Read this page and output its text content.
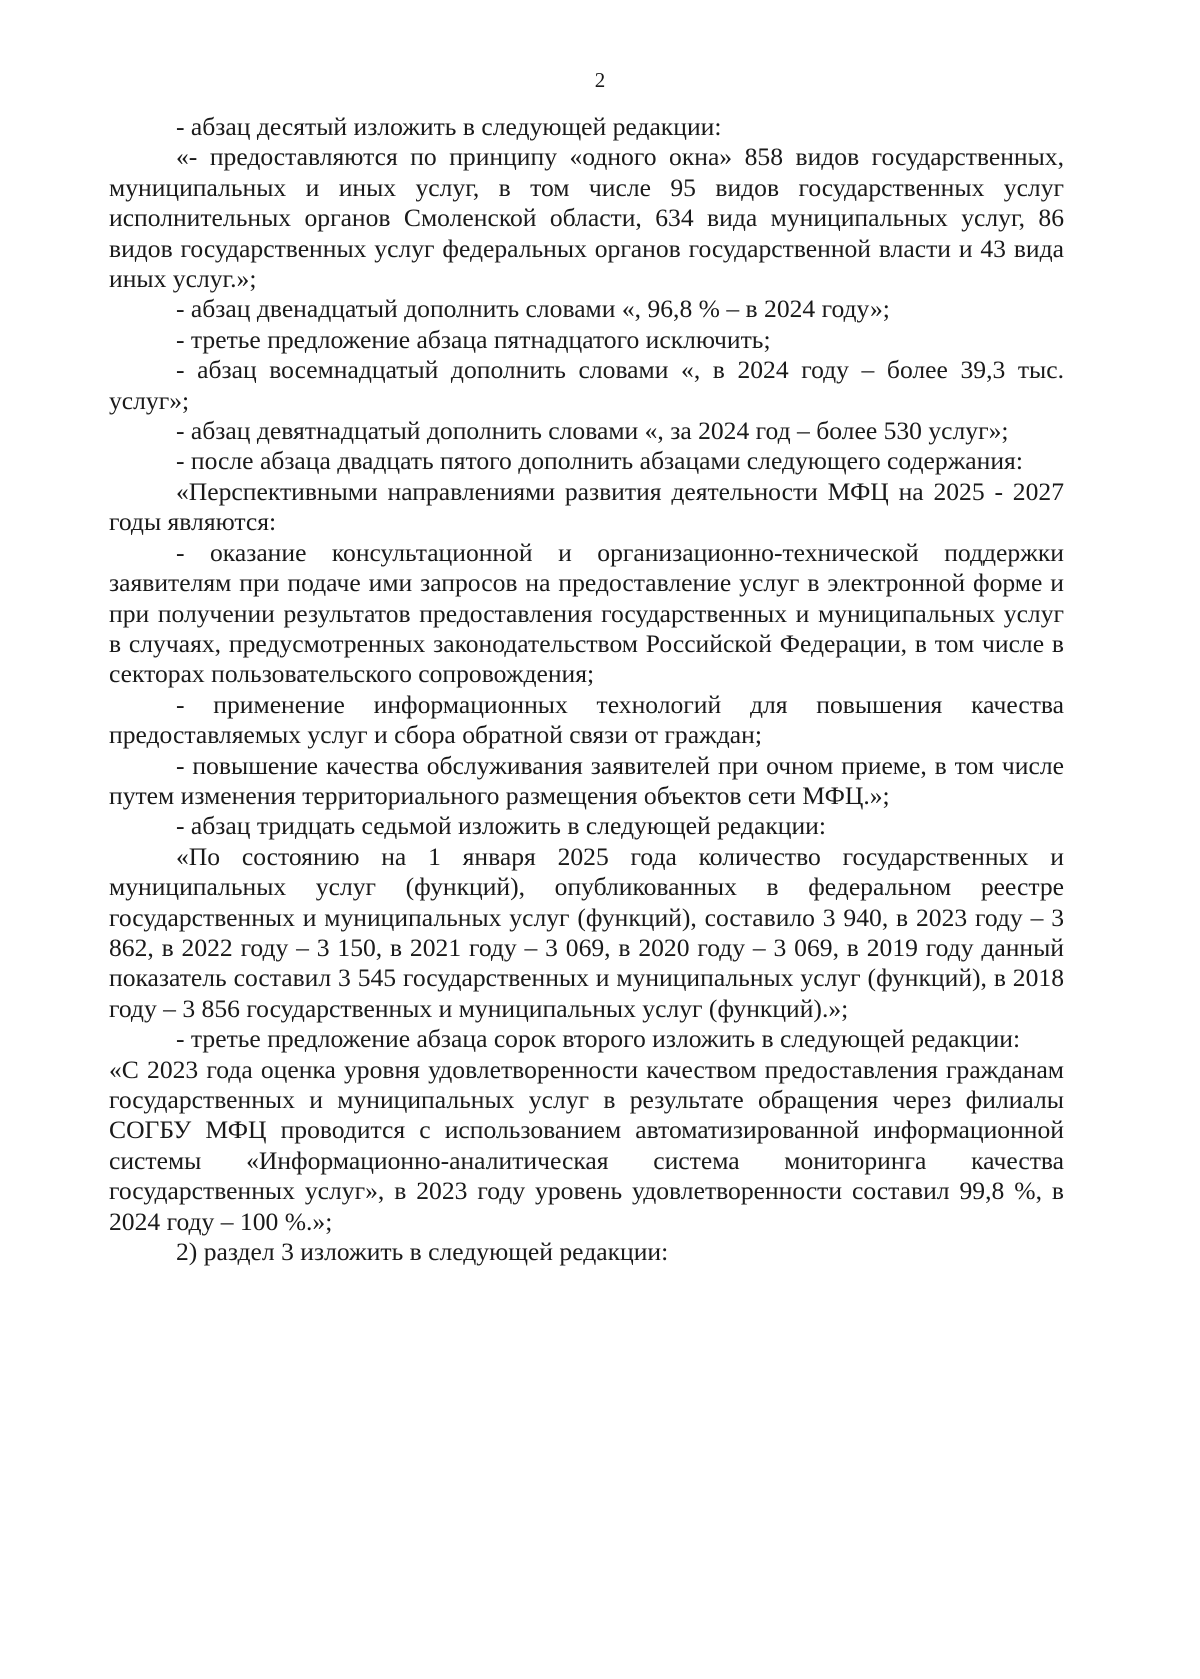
2

- абзац десятый изложить в следующей редакции:

«- предоставляются по принципу «одного окна» 858 видов государственных, муниципальных и иных услуг, в том числе 95 видов государственных услуг исполнительных органов Смоленской области, 634 вида муниципальных услуг, 86 видов государственных услуг федеральных органов государственной власти и 43 вида иных услуг.»;

- абзац двенадцатый дополнить словами «, 96,8 % – в 2024 году»;

- третье предложение абзаца пятнадцатого исключить;

- абзац восемнадцатый дополнить словами «, в 2024 году – более 39,3 тыс. услуг»;

- абзац девятнадцатый дополнить словами «, за 2024 год – более 530 услуг»;

- после абзаца двадцать пятого дополнить абзацами следующего содержания:

«Перспективными направлениями развития деятельности МФЦ на 2025 - 2027 годы являются:

- оказание консультационной и организационно-технической поддержки заявителям при подаче ими запросов на предоставление услуг в электронной форме и при получении результатов предоставления государственных и муниципальных услуг в случаях, предусмотренных законодательством Российской Федерации, в том числе в секторах пользовательского сопровождения;

- применение информационных технологий для повышения качества предоставляемых услуг и сбора обратной связи от граждан;

- повышение качества обслуживания заявителей при очном приеме, в том числе путем изменения территориального размещения объектов сети МФЦ.»;

- абзац тридцать седьмой изложить в следующей редакции:

«По состоянию на 1 января 2025 года количество государственных и муниципальных услуг (функций), опубликованных в федеральном реестре государственных и муниципальных услуг (функций), составило 3 940, в 2023 году – 3 862, в 2022 году – 3 150, в 2021 году – 3 069, в 2020 году – 3 069, в 2019 году данный показатель составил 3 545 государственных и муниципальных услуг (функций), в 2018 году – 3 856 государственных и муниципальных услуг (функций).»;

- третье предложение абзаца сорок второго изложить в следующей редакции:

«С 2023 года оценка уровня удовлетворенности качеством предоставления гражданам государственных и муниципальных услуг в результате обращения через филиалы СОГБУ МФЦ проводится с использованием автоматизированной информационной системы «Информационно-аналитическая система мониторинга качества государственных услуг», в 2023 году уровень удовлетворенности составил 99,8 %, в 2024 году – 100 %.»;

2) раздел 3 изложить в следующей редакции:
